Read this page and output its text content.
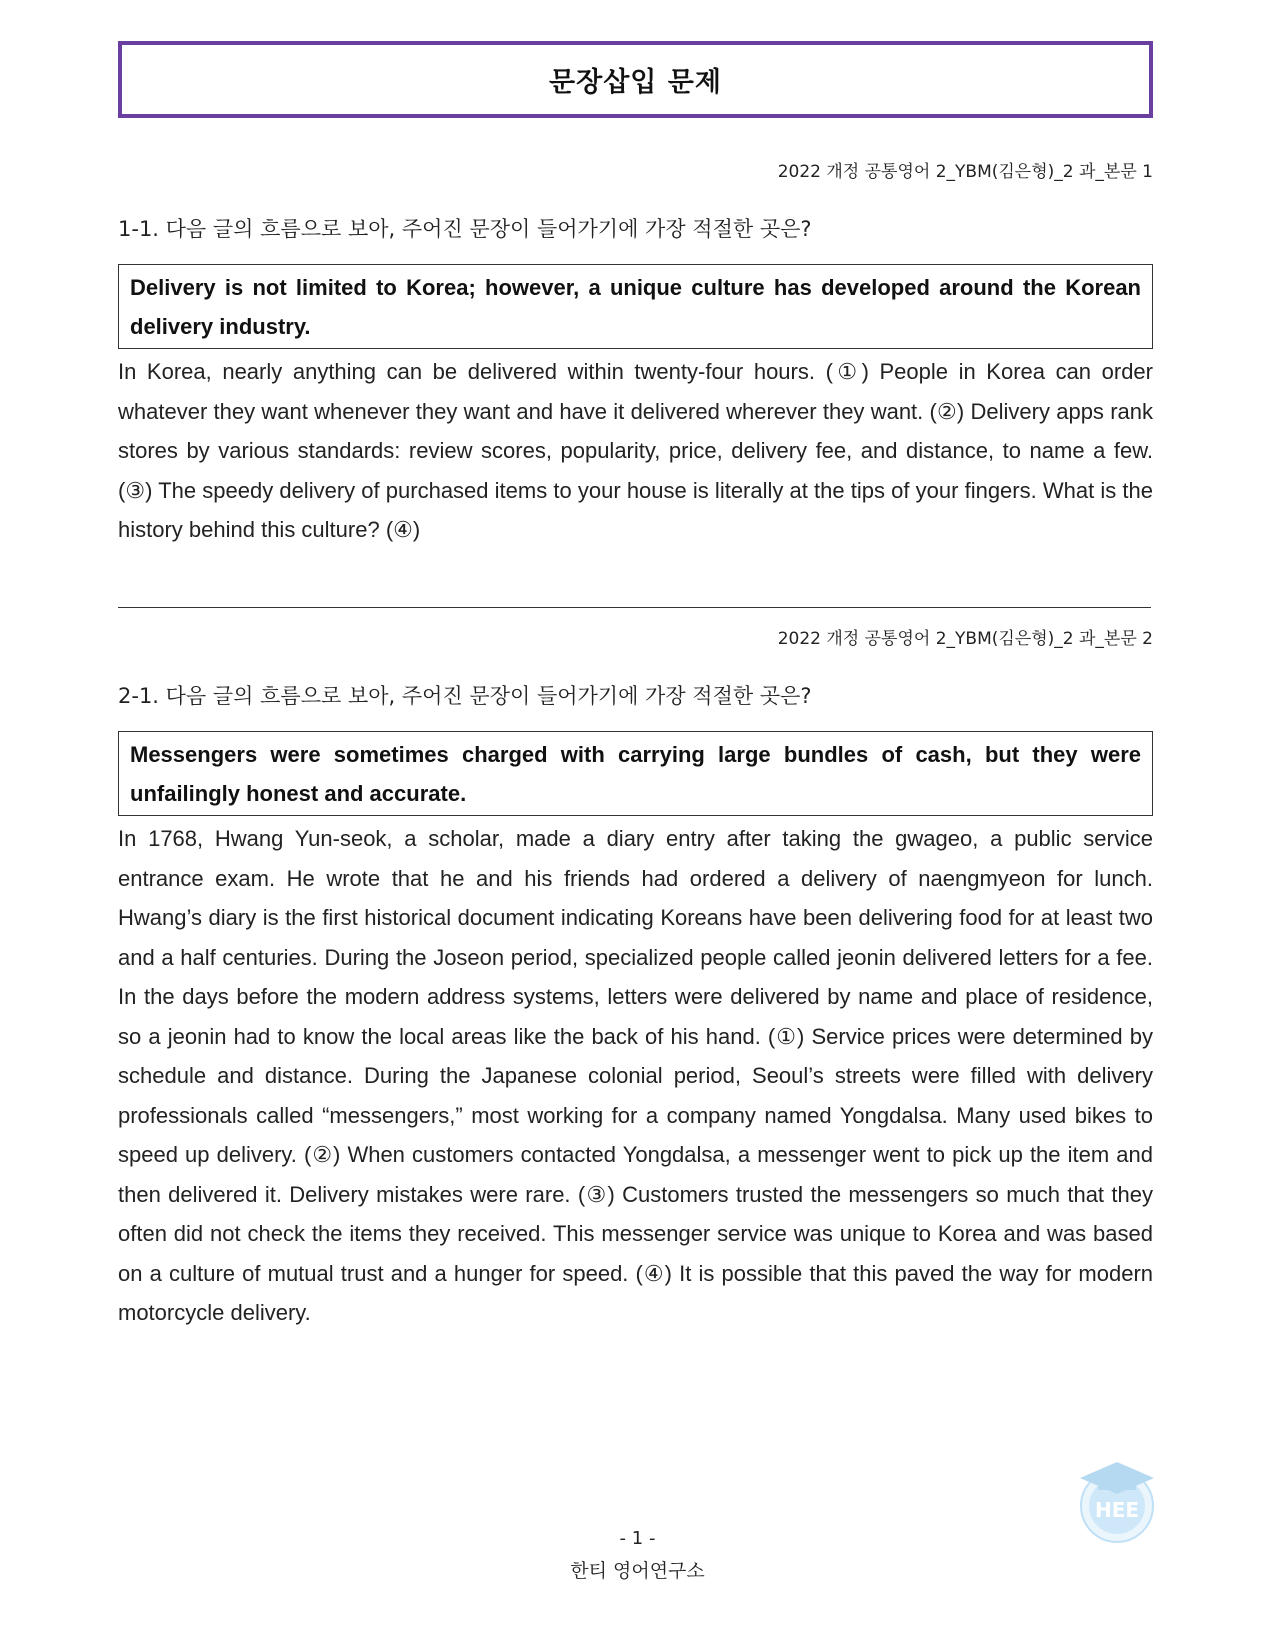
문장삽입 문제
2022 개정 공통영어 2_YBM(김은형)_2 과_본문 1
1-1. 다음 글의 흐름으로 보아, 주어진 문장이 들어가기에 가장 적절한 곳은?
Delivery is not limited to Korea; however, a unique culture has developed around the Korean delivery industry.
In Korea, nearly anything can be delivered within twenty-four hours. (①) People in Korea can order whatever they want whenever they want and have it delivered wherever they want. (②) Delivery apps rank stores by various standards: review scores, popularity, price, delivery fee, and distance, to name a few. (③) The speedy delivery of purchased items to your house is literally at the tips of your fingers. What is the history behind this culture? (④)
2022 개정 공통영어 2_YBM(김은형)_2 과_본문 2
2-1. 다음 글의 흐름으로 보아, 주어진 문장이 들어가기에 가장 적절한 곳은?
Messengers were sometimes charged with carrying large bundles of cash, but they were unfailingly honest and accurate.
In 1768, Hwang Yun-seok, a scholar, made a diary entry after taking the gwageo, a public service entrance exam. He wrote that he and his friends had ordered a delivery of naengmyeon for lunch. Hwang’s diary is the first historical document indicating Koreans have been delivering food for at least two and a half centuries. During the Joseon period, specialized people called jeonin delivered letters for a fee. In the days before the modern address systems, letters were delivered by name and place of residence, so a jeonin had to know the local areas like the back of his hand. (①) Service prices were determined by schedule and distance. During the Japanese colonial period, Seoul’s streets were filled with delivery professionals called “messengers,” most working for a company named Yongdalsa. Many used bikes to speed up delivery. (②) When customers contacted Yongdalsa, a messenger went to pick up the item and then delivered it. Delivery mistakes were rare. (③) Customers trusted the messengers so much that they often did not check the items they received. This messenger service was unique to Korea and was based on a culture of mutual trust and a hunger for speed. (④) It is possible that this paved the way for modern motorcycle delivery.
- 1 -
한티 영어연구소
HEE
